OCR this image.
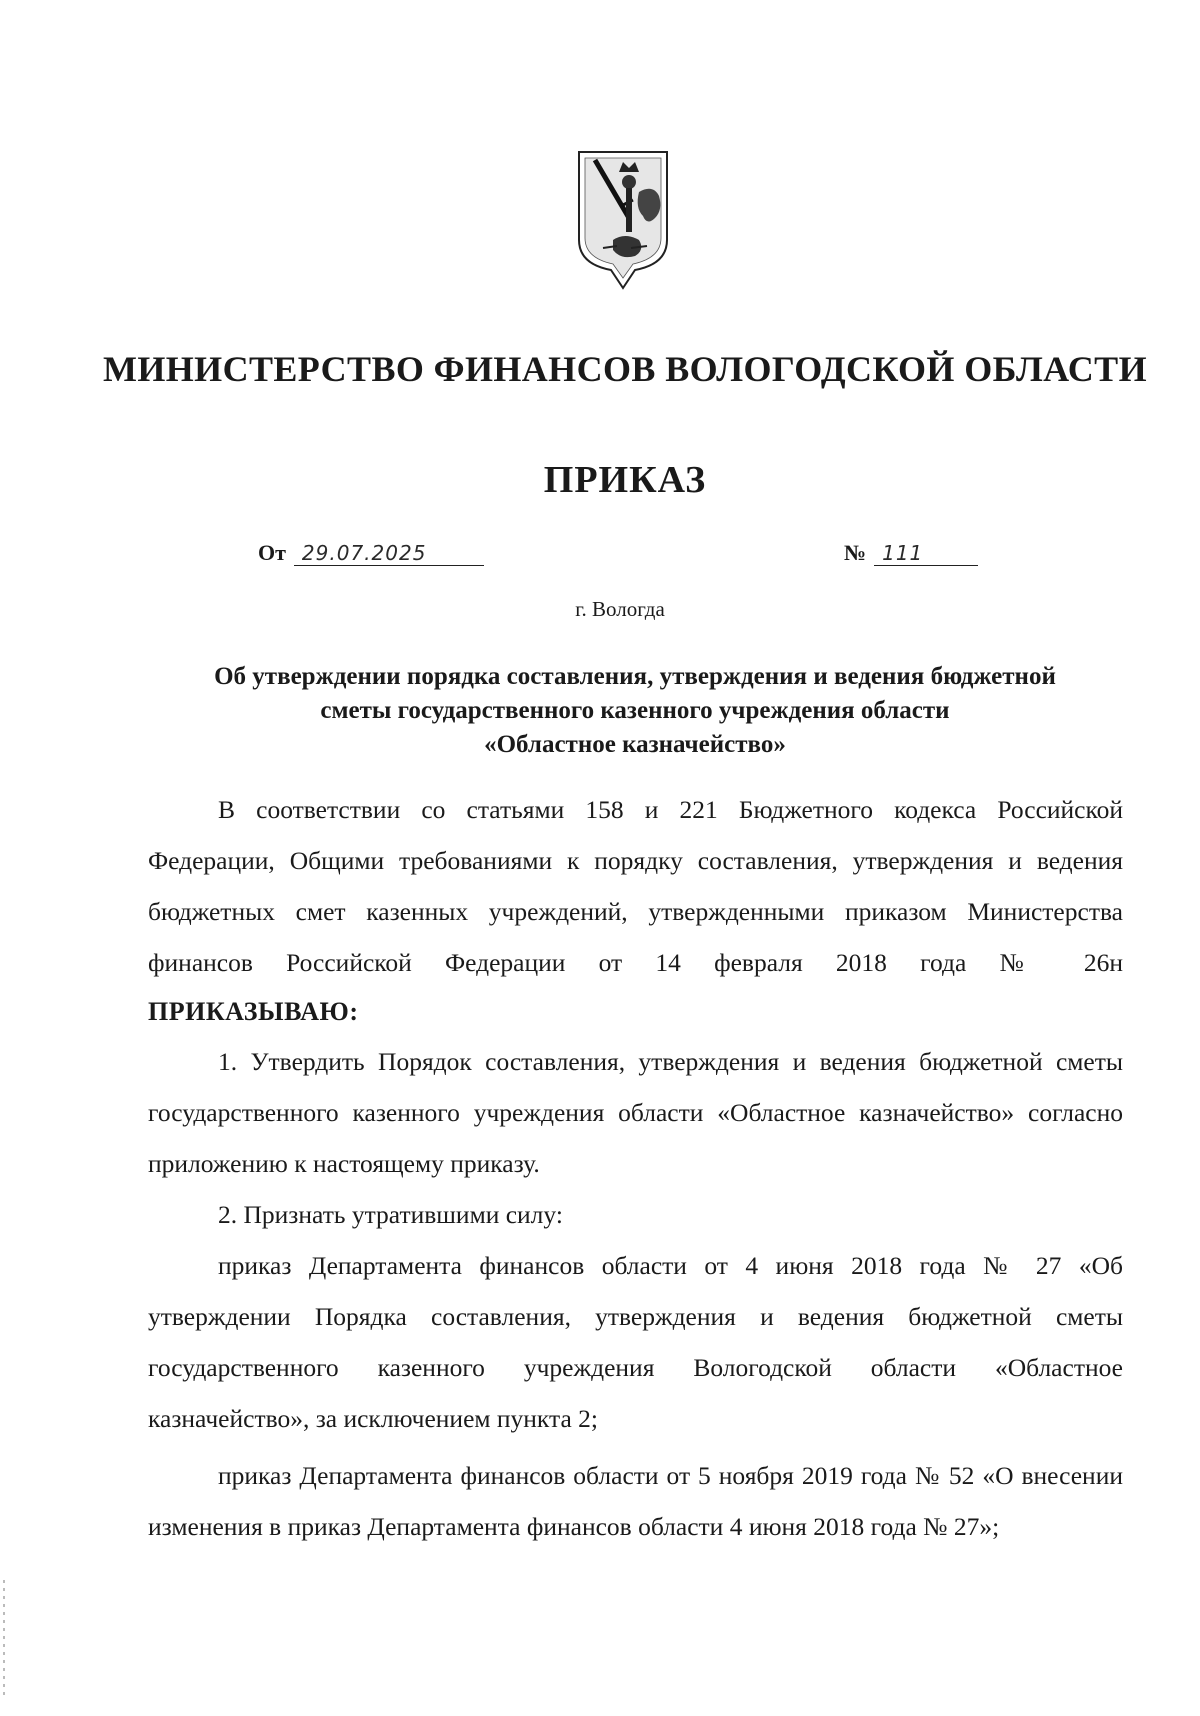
МИНИСТЕРСТВО ФИНАНСОВ ВОЛОГОДСКОЙ ОБЛАСТИ
ПРИКАЗ
От 29.07.2025	№ 111
г. Вологда
Об утверждении порядка составления, утверждения и ведения бюджетной
сметы государственного казенного учреждения области
«Областное казначейство»
В соответствии со статьями 158 и 221 Бюджетного кодекса Российской Федерации, Общими требованиями к порядку составления, утверждения и ведения бюджетных смет казенных учреждений, утвержденными приказом Министерства финансов Российской Федерации от 14 февраля 2018 года № 26н
ПРИКАЗЫВАЮ:
1. Утвердить Порядок составления, утверждения и ведения бюджетной сметы государственного казенного учреждения области «Областное казначейство» согласно приложению к настоящему приказу.
2. Признать утратившими силу:
приказ Департамента финансов области от 4 июня 2018 года № 27 «Об утверждении Порядка составления, утверждения и ведения бюджетной сметы государственного казенного учреждения Вологодской области «Областное казначейство», за исключением пункта 2;
приказ Департамента финансов области от 5 ноября 2019 года № 52 «О внесении изменения в приказ Департамента финансов области 4 июня 2018 года № 27»;
